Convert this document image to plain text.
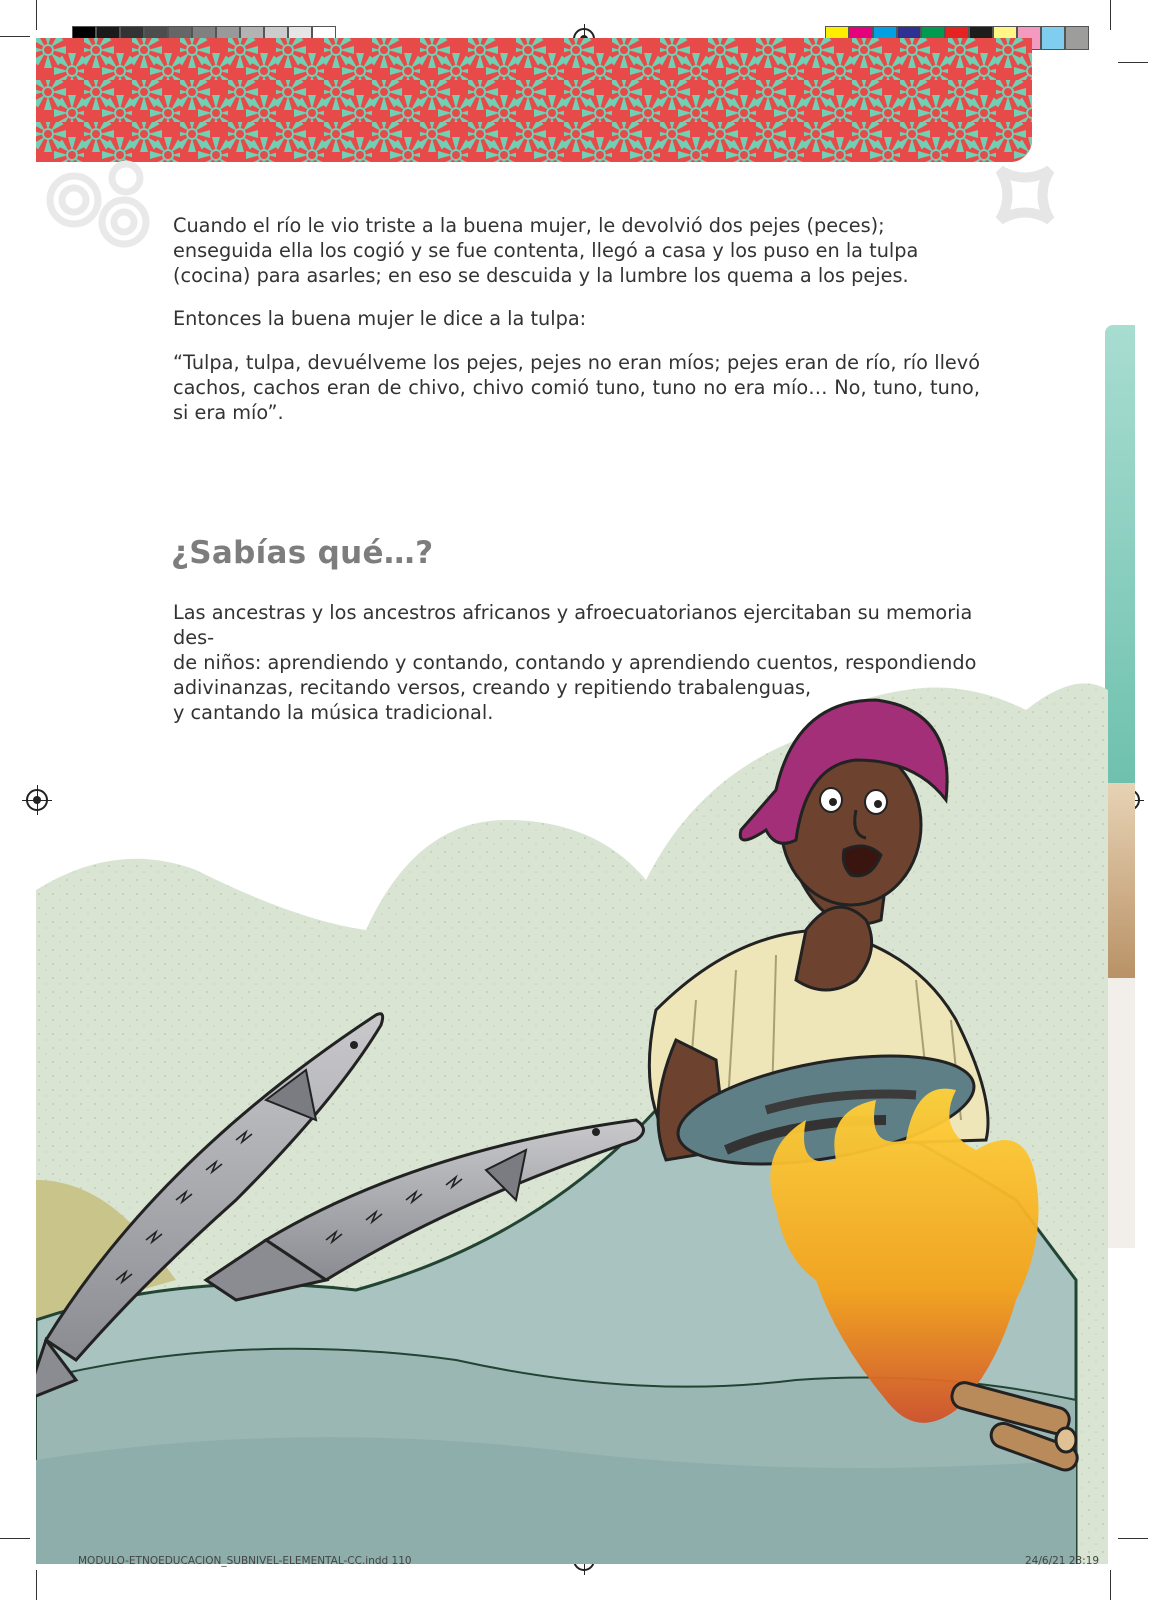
Cuando el río le vio triste a la buena mujer, le devolvió dos pejes (peces); enseguida ella los cogió y se fue contenta, llegó a casa y los puso en la tulpa (cocina) para asarles; en eso se descuida y la lumbre los quema a los pejes.
Entonces la buena mujer le dice a la tulpa:
“Tulpa, tulpa, devuélveme los pejes, pejes no eran míos; pejes eran de río, río llevó cachos, cachos eran de chivo, chivo comió tuno, tuno no era mío… No, tuno, tuno, si era mío”.
¿Sabías qué…?
Las ancestras y los ancestros africanos y afroecuatorianos ejercitaban su memoria des-
de niños: aprendiendo y contando, contando y aprendiendo cuentos, respondiendo
adivinanzas, recitando versos, creando y repitiendo trabalenguas,
y cantando la música tradicional.
MODULO-ETNOEDUCACION_SUBNIVEL-ELEMENTAL-CC.indd 110	24/6/21 23:19
